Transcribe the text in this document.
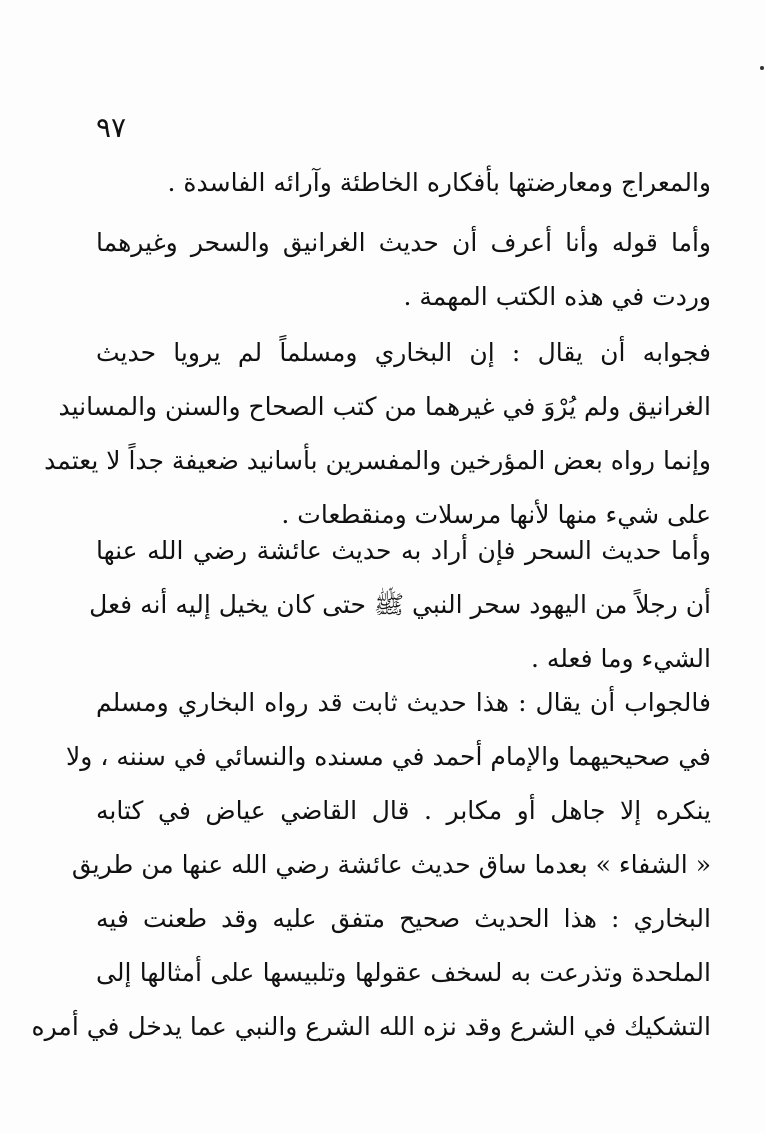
٩٧
والمعراج ومعارضتها بأفكاره الخاطئة وآرائه الفاسدة .
وأما قوله وأنا أعرف أن حديث الغرانيق والسحر وغيرهما
وردت في هذه الكتب المهمة .
فجوابه أن يقال : إن البخاري ومسلماً لم يرويا حديث
الغرانيق ولم يُرْوَ في غيرهما من كتب الصحاح والسنن والمسانيد
وإنما رواه بعض المؤرخين والمفسرين بأسانيد ضعيفة جداً لا يعتمد
على شيء منها لأنها مرسلات ومنقطعات .
وأما حديث السحر فإن أراد به حديث عائشة رضي الله عنها
أن رجلاً من اليهود سحر النبي ﷺ حتى كان يخيل إليه أنه فعل
الشيء وما فعله .
فالجواب أن يقال : هذا حديث ثابت قد رواه البخاري ومسلم
في صحيحيهما والإمام أحمد في مسنده والنسائي في سننه ، ولا
ينكره إلا جاهل أو مكابر . قال القاضي عياض في كتابه
« الشفاء » بعدما ساق حديث عائشة رضي الله عنها من طريق
البخاري : هذا الحديث صحيح متفق عليه وقد طعنت فيه
الملحدة وتذرعت به لسخف عقولها وتلبيسها على أمثالها إلى
التشكيك في الشرع وقد نزه الله الشرع والنبي عما يدخل في أمره
